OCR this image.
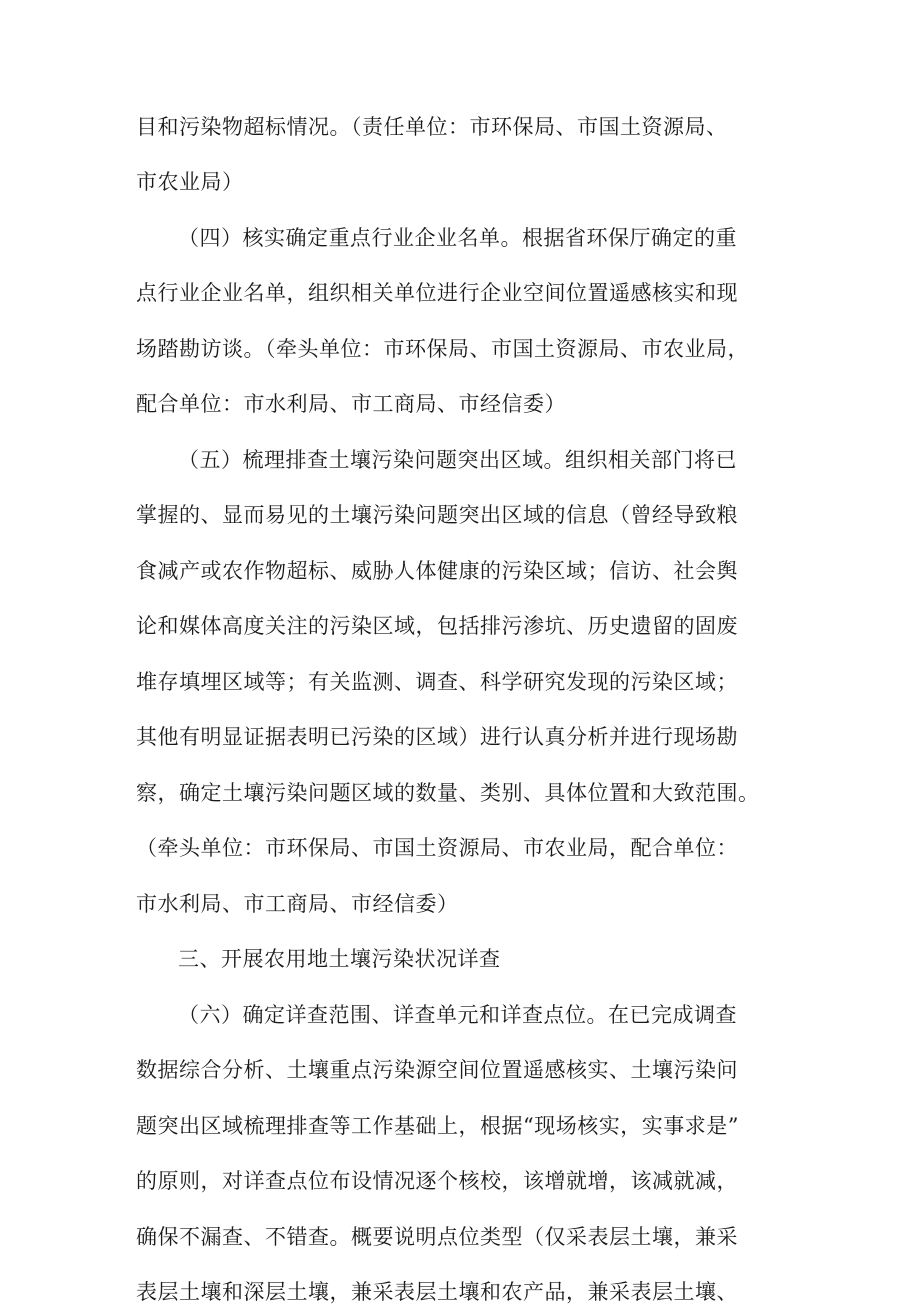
目和污染物超标情况。（责任单位：市环保局、市国土资源局、
市农业局）
（四）核实确定重点行业企业名单。根据省环保厅确定的重
点行业企业名单，组织相关单位进行企业空间位置遥感核实和现
场踏勘访谈。（牵头单位：市环保局、市国土资源局、市农业局，
配合单位：市水利局、市工商局、市经信委）
（五）梳理排查土壤污染问题突出区域。组织相关部门将已
掌握的、显而易见的土壤污染问题突出区域的信息（曾经导致粮
食减产或农作物超标、威胁人体健康的污染区域；信访、社会舆
论和媒体高度关注的污染区域，包括排污渗坑、历史遗留的固废
堆存填埋区域等；有关监测、调查、科学研究发现的污染区域；
其他有明显证据表明已污染的区域）进行认真分析并进行现场勘
察，确定土壤污染问题区域的数量、类别、具体位置和大致范围。
（牵头单位：市环保局、市国土资源局、市农业局，配合单位：
市水利局、市工商局、市经信委）
三、开展农用地土壤污染状况详查
（六）确定详查范围、详查单元和详查点位。在已完成调查
数据综合分析、土壤重点污染源空间位置遥感核实、土壤污染问
题突出区域梳理排查等工作基础上，根据“现场核实，实事求是”
的原则，对详查点位布设情况逐个核校，该增就增，该减就减，
确保不漏查、不错查。概要说明点位类型（仅采表层土壤，兼采
表层土壤和深层土壤，兼采表层土壤和农产品，兼采表层土壤、
